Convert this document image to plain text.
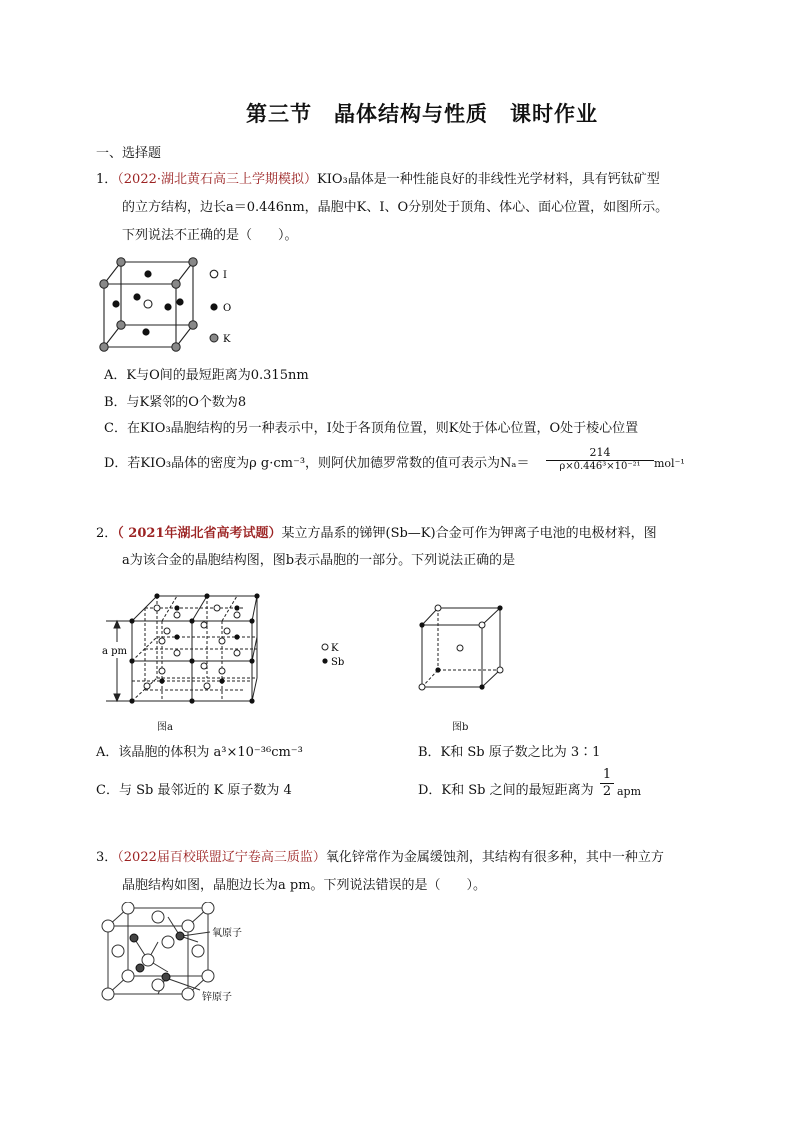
第三节　晶体结构与性质　课时作业
一、选择题
1．（2022·湖北黄石高三上学期模拟）KIO₃晶体是一种性能良好的非线性光学材料，具有钙钛矿型
的立方结构，边长a＝0.446nm，晶胞中K、I、O分别处于顶角、体心、面心位置，如图所示。
下列说法不正确的是（　　）。
I
O
K
A．K与O间的最短距离为0.315nm
B．与K紧邻的O个数为8
C．在KIO₃晶胞结构的另一种表示中，I处于各顶角位置，则K处于体心位置，O处于棱心位置
D．若KIO₃晶体的密度为ρ g·cm⁻³，则阿伏加德罗常数的值可表示为Nₐ＝
214
ρ×0.446³×10⁻²¹	mol⁻¹
2．（ 2021年湖北省高考试题）某立方晶系的锑钾(Sb—K)合金可作为钾离子电池的电极材料，图
a为该合金的晶胞结构图，图b表示晶胞的一部分。下列说法正确的是
a pm
图a
K
Sb
图b
A．该晶胞的体积为 a³×10⁻³⁶cm⁻³	B．K和 Sb 原子数之比为 3∶1
C．与 Sb 最邻近的 K 原子数为 4	D．K和 Sb 之间的最短距离为
1
2 apm
3．（2022届百校联盟辽宁卷高三质监）氧化锌常作为金属缓蚀剂，其结构有很多种，其中一种立方
晶胞结构如图，晶胞边长为a pm。下列说法错误的是（　　）。
氧原子
锌原子
